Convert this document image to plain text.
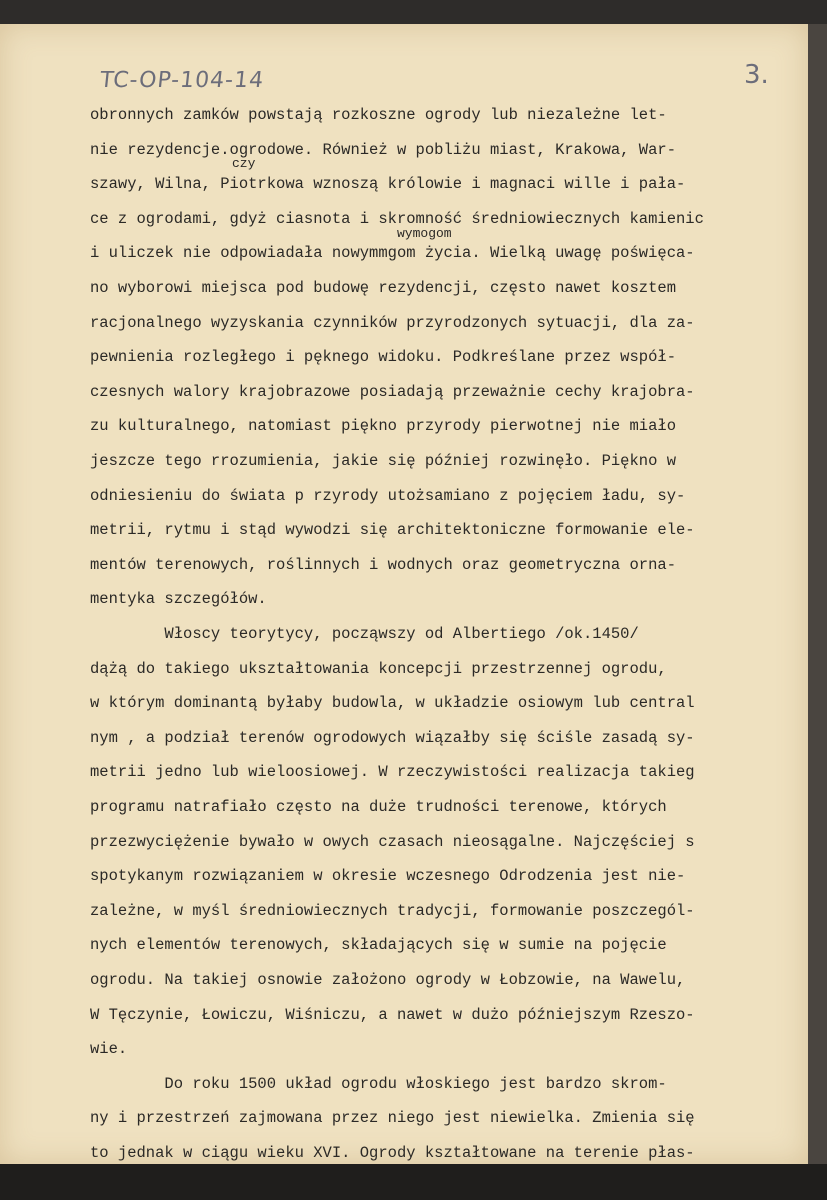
TC-OP-104-14	3.
obronnych zamków powstają rozkoszne ogrody lub niezależne let-
nie rezydencje.ogrodowe. Również w pobliżu miast, Krakowa, War-
szawy, Wilna, Piotrkowa wznoszą królowie i magnaci wille i pała-
ce z ogrodami, gdyż ciasnota i skromność średniowiecznych kamienic
i uliczek nie odpowiadała nowymmgom życia. Wielką uwagę poświęca-
no wyborowi miejsca pod budowę rezydencji, często nawet kosztem
racjonalnego wyzyskania czynników przyrodzonych sytuacji, dla za-
pewnienia rozległego i pęknego widoku. Podkreślane przez współ-
czesnych walory krajobrazowe posiadają przeważnie cechy krajobra-
zu kulturalnego, natomiast piękno przyrody pierwotnej nie miało
jeszcze tego rrozumienia, jakie się później rozwinęło. Piękno w
odniesieniu do świata p rzyrody utożsamiano z pojęciem ładu, sy-
metrii, rytmu i stąd wywodzi się architektoniczne formowanie ele-
mentów terenowych, roślinnych i wodnych oraz geometryczna orna-
mentyka szczegółów.
Włoscy teorytycy, począwszy od Albertiego /ok.1450/
dążą do takiego ukształtowania koncepcji przestrzennej ogrodu,
w którym dominantą byłaby budowla, w układzie osiowym lub central
nym , a podział terenów ogrodowych wiązałby się ściśle zasadą sy-
metrii jedno lub wieloosiowej. W rzeczywistości realizacja takieg
programu natrafiało często na duże trudności terenowe, których
przezwyciężenie bywało w owych czasach nieosągalne. Najczęściej s
spotykanym rozwiązaniem w okresie wczesnego Odrodzenia jest nie-
zależne, w myśl średniowiecznych tradycji, formowanie poszczegól-
nych elementów terenowych, składających się w sumie na pojęcie
ogrodu. Na takiej osnowie założono ogrody w Łobzowie, na Wawelu,
W Tęczynie, Łowiczu, Wiśniczu, a nawet w dużo późniejszym Rzeszo-
wie.
Do roku 1500 układ ogrodu włoskiego jest bardzo skrom-
ny i przestrzeń zajmowana przez niego jest niewielka. Zmienia się
to jednak w ciągu wieku XVI. Ogrody kształtowane na terenie płas-
czy
wymogom
